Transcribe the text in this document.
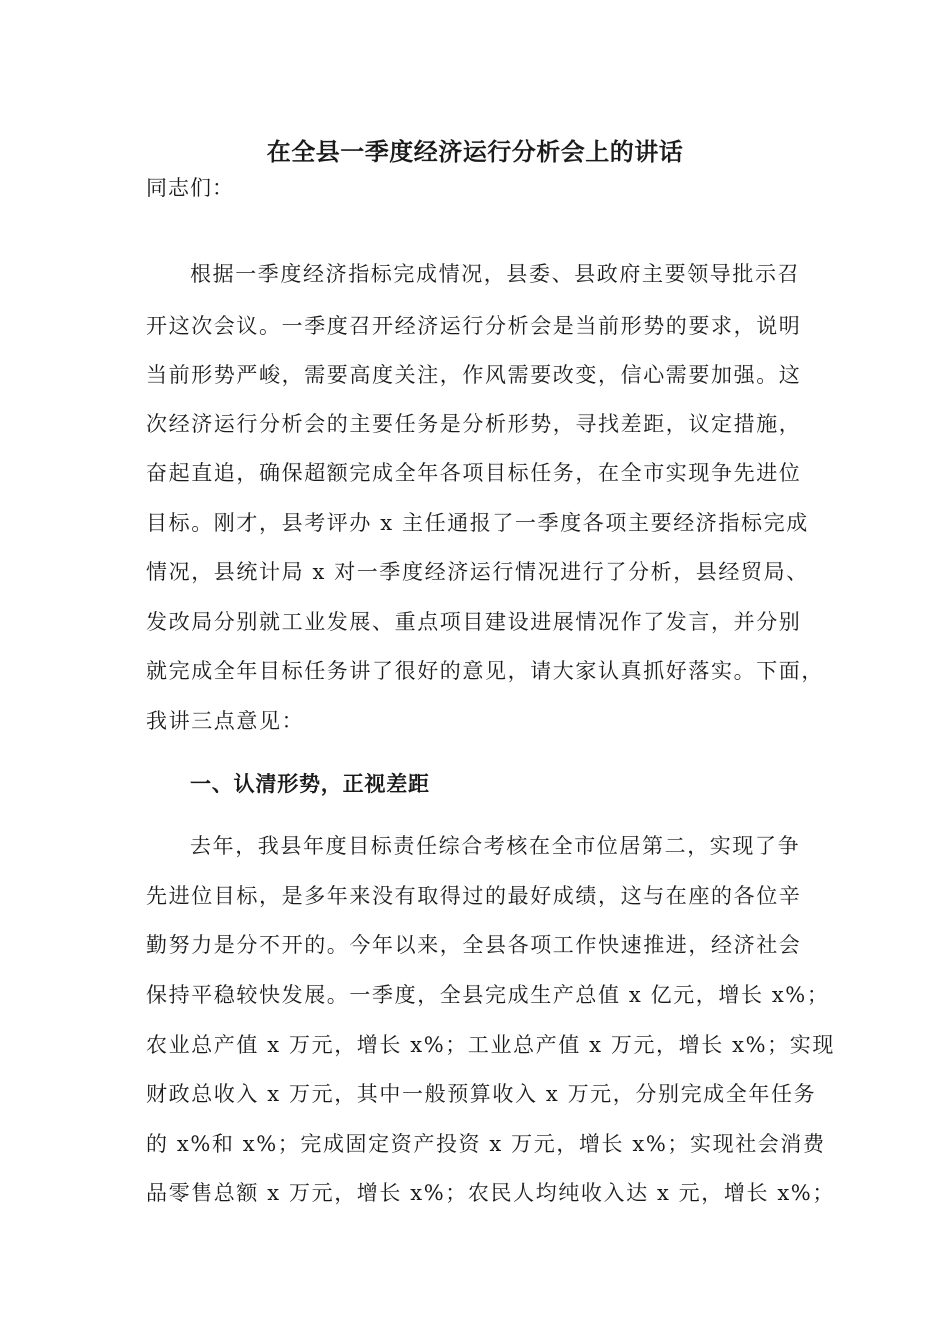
在全县一季度经济运行分析会上的讲话
同志们：
根据一季度经济指标完成情况，县委、县政府主要领导批示召
开这次会议。一季度召开经济运行分析会是当前形势的要求，说明
当前形势严峻，需要高度关注，作风需要改变，信心需要加强。这
次经济运行分析会的主要任务是分析形势，寻找差距，议定措施，
奋起直追，确保超额完成全年各项目标任务，在全市实现争先进位
目标。刚才，县考评办 x 主任通报了一季度各项主要经济指标完成
情况，县统计局 x 对一季度经济运行情况进行了分析，县经贸局、
发改局分别就工业发展、重点项目建设进展情况作了发言，并分别
就完成全年目标任务讲了很好的意见，请大家认真抓好落实。下面，
我讲三点意见：
一、认清形势，正视差距
去年，我县年度目标责任综合考核在全市位居第二，实现了争
先进位目标，是多年来没有取得过的最好成绩，这与在座的各位辛
勤努力是分不开的。今年以来，全县各项工作快速推进，经济社会
保持平稳较快发展。一季度，全县完成生产总值 x 亿元，增长 x%；
农业总产值 x 万元，增长 x%；工业总产值 x 万元，增长 x%；实现
财政总收入 x 万元，其中一般预算收入 x 万元，分别完成全年任务
的 x%和 x%；完成固定资产投资 x 万元，增长 x%；实现社会消费
品零售总额 x 万元，增长 x%；农民人均纯收入达 x 元，增长 x%；
